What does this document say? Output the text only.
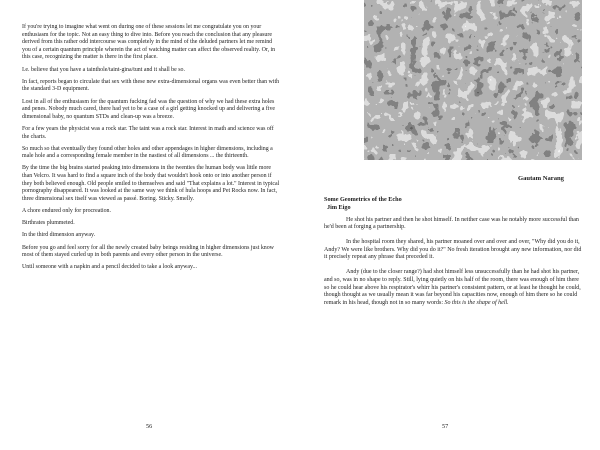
If you're trying to imagine what went on during one of these sessions let me congratulate you on your enthusiasm for the topic. Not an easy thing to dive into. Before you reach the conclusion that any pleasure derived from this rather odd intercourse was completely in the mind of the deluded partners let me remind you of a certain quantum principle wherein the act of watching matter can affect the observed reality. Or, in this case, recognizing the matter is there in the first place.

I.e. believe that you have a tainthole/taint-gina/tunt and it shall be so.

In fact, reports began to circulate that sex with these new extra-dimensional organs was even better than with the standard 3-D equipment.

Lost in all of the enthusiasm for the quantum fucking fad was the question of why we had these extra holes and penes. Nobody much cared, there had yet to be a case of a girl getting knocked up and delivering a five dimensional baby, no quantum STDs and clean-up was a breeze.

For a few years the physicist was a rock star. The taint was a rock star. Interest in math and science was off the charts.

So much so that eventually they found other holes and other appendages in higher dimensions, including a male hole and a corresponding female member in the nastiest of all dimensions ... the thirteenth.

By the time the big brains started peaking into dimensions in the twenties the human body was little more than Velcro. It was hard to find a square inch of the body that wouldn't hook onto or into another person if they both believed enough. Old people smiled to themselves and said "That explains a lot." Interest in typical pornography disappeared. It was looked at the same way we think of hula hoops and Pet Rocks now. In fact, three dimensional sex itself was viewed as passé. Boring. Sticky. Smelly.

A chore endured only for procreation.

Birthrates plummeted.

In the third dimension anyway.

Before you go and feel sorry for all the newly created baby beings residing in higher dimensions just know most of them stayed curled up in both parents and every other person in the universe.

Until someone with a napkin and a pencil decided to take a look anyway...

56
Gautam Narang
Some Geometrics of the Echo
Jim Eigo

He shot his partner and then he shot himself. In neither case was he notably more successful than he'd been at forging a partnership.

In the hospital room they shared, his partner moaned over and over and over, "Why did you do it, Andy? We were like brothers. Why did you do it?" No fresh iteration brought any new information, nor did it precisely repeat any phrase that preceded it.

Andy (due to the closer range?) had shot himself less unsuccessfully than he had shot his partner, and so, was in no shape to reply. Still, lying quietly on his half of the room, there was enough of him there so he could hear above his respirator's whirr his partner's consistent pattern, or at least he thought he could, though thought as we usually mean it was far beyond his capacities now, enough of him there so he could remark in his head, though not in so many words: So this is the shape of hell.

57
